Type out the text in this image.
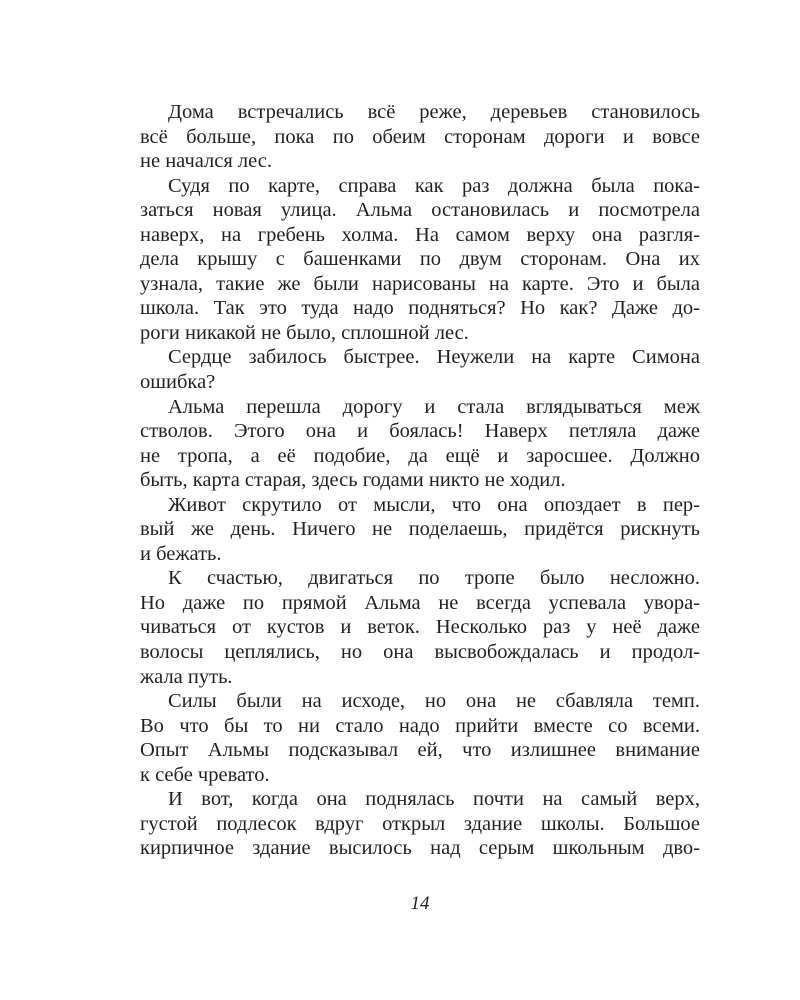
Дома встречались всё реже, деревьев становилось
всё больше, пока по обеим сторонам дороги и вовсе
не начался лес.

Судя по карте, справа как раз должна была пока-
заться новая улица. Альма остановилась и посмотрела
наверх, на гребень холма. На самом верху она разгля-
дела крышу с башенками по двум сторонам. Она их
узнала, такие же были нарисованы на карте. Это и была
школа. Так это туда надо подняться? Но как? Даже до-
роги никакой не было, сплошной лес.

Сердце забилось быстрее. Неужели на карте Симона
ошибка?

Альма перешла дорогу и стала вглядываться меж
стволов. Этого она и боялась! Наверх петляла даже
не тропа, а её подобие, да ещё и заросшее. Должно
быть, карта старая, здесь годами никто не ходил.

Живот скрутило от мысли, что она опоздает в пер-
вый же день. Ничего не поделаешь, придётся рискнуть
и бежать.

К счастью, двигаться по тропе было несложно.
Но даже по прямой Альма не всегда успевала увора-
чиваться от кустов и веток. Несколько раз у неё даже
волосы цеплялись, но она высвобождалась и продол-
жала путь.

Силы были на исходе, но она не сбавляла темп.
Во что бы то ни стало надо прийти вместе со всеми.
Опыт Альмы подсказывал ей, что излишнее внимание
к себе чревато.

И вот, когда она поднялась почти на самый верх,
густой подлесок вдруг открыл здание школы. Большое
кирпичное здание высилось над серым школьным дво-

14
